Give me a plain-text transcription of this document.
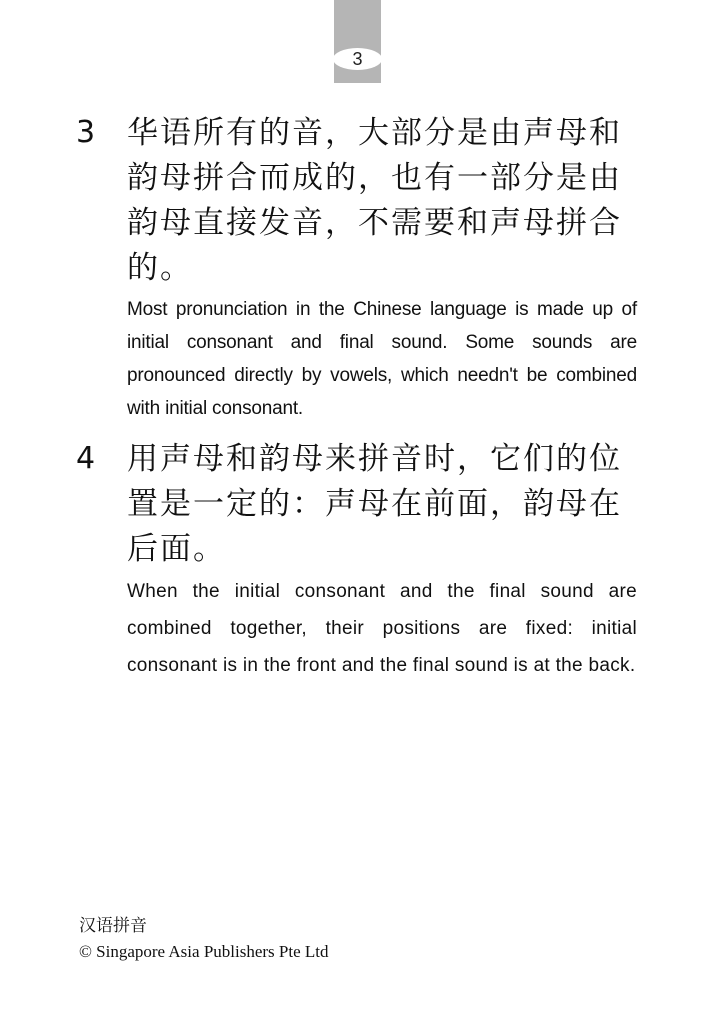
3
3 华语所有的音，大部分是由声母和韵母拼合而成的，也有一部分是由韵母直接发音，不需要和声母拼合的。
Most pronunciation in the Chinese language is made up of initial consonant and final sound. Some sounds are pronounced directly by vowels, which needn't be combined with initial consonant.
4 用声母和韵母来拼音时，它们的位置是一定的：声母在前面，韵母在后面。
When the initial consonant and the final sound are combined together, their positions are fixed: initial consonant is in the front and the final sound is at the back.
汉语拼音
© Singapore Asia Publishers Pte Ltd
